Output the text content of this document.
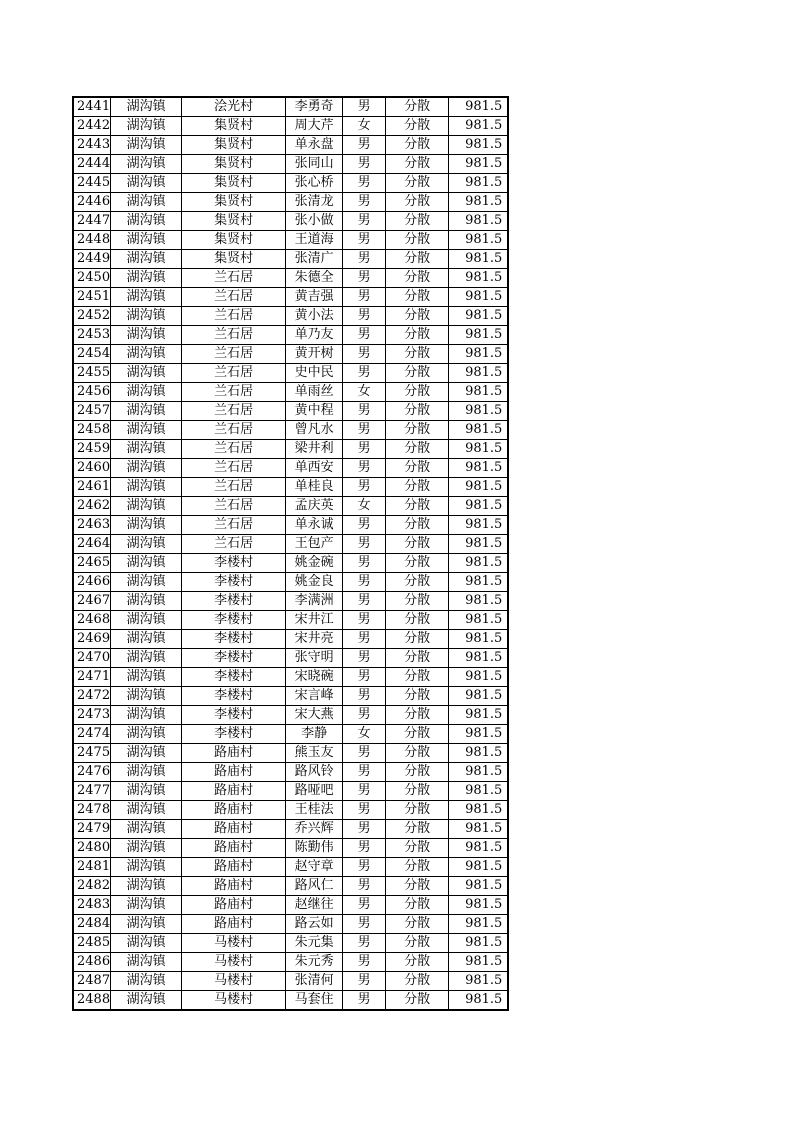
2441	湖沟镇	浍光村	李勇奇	男	分散	981.5
2442	湖沟镇	集贤村	周大芹	女	分散	981.5
2443	湖沟镇	集贤村	单永盘	男	分散	981.5
2444	湖沟镇	集贤村	张同山	男	分散	981.5
2445	湖沟镇	集贤村	张心桥	男	分散	981.5
2446	湖沟镇	集贤村	张清龙	男	分散	981.5
2447	湖沟镇	集贤村	张小做	男	分散	981.5
2448	湖沟镇	集贤村	王道海	男	分散	981.5
2449	湖沟镇	集贤村	张清广	男	分散	981.5
2450	湖沟镇	兰石居	朱德全	男	分散	981.5
2451	湖沟镇	兰石居	黄吉强	男	分散	981.5
2452	湖沟镇	兰石居	黄小法	男	分散	981.5
2453	湖沟镇	兰石居	单乃友	男	分散	981.5
2454	湖沟镇	兰石居	黄开树	男	分散	981.5
2455	湖沟镇	兰石居	史中民	男	分散	981.5
2456	湖沟镇	兰石居	单雨丝	女	分散	981.5
2457	湖沟镇	兰石居	黄中程	男	分散	981.5
2458	湖沟镇	兰石居	曾凡水	男	分散	981.5
2459	湖沟镇	兰石居	梁井利	男	分散	981.5
2460	湖沟镇	兰石居	单西安	男	分散	981.5
2461	湖沟镇	兰石居	单桂良	男	分散	981.5
2462	湖沟镇	兰石居	孟庆英	女	分散	981.5
2463	湖沟镇	兰石居	单永诚	男	分散	981.5
2464	湖沟镇	兰石居	王包产	男	分散	981.5
2465	湖沟镇	李楼村	姚金碗	男	分散	981.5
2466	湖沟镇	李楼村	姚金良	男	分散	981.5
2467	湖沟镇	李楼村	李满洲	男	分散	981.5
2468	湖沟镇	李楼村	宋井江	男	分散	981.5
2469	湖沟镇	李楼村	宋井亮	男	分散	981.5
2470	湖沟镇	李楼村	张守明	男	分散	981.5
2471	湖沟镇	李楼村	宋晓碗	男	分散	981.5
2472	湖沟镇	李楼村	宋言峰	男	分散	981.5
2473	湖沟镇	李楼村	宋大燕	男	分散	981.5
2474	湖沟镇	李楼村	李静	女	分散	981.5
2475	湖沟镇	路庙村	熊玉友	男	分散	981.5
2476	湖沟镇	路庙村	路风铃	男	分散	981.5
2477	湖沟镇	路庙村	路哑吧	男	分散	981.5
2478	湖沟镇	路庙村	王桂法	男	分散	981.5
2479	湖沟镇	路庙村	乔兴辉	男	分散	981.5
2480	湖沟镇	路庙村	陈勤伟	男	分散	981.5
2481	湖沟镇	路庙村	赵守章	男	分散	981.5
2482	湖沟镇	路庙村	路风仁	男	分散	981.5
2483	湖沟镇	路庙村	赵继往	男	分散	981.5
2484	湖沟镇	路庙村	路云如	男	分散	981.5
2485	湖沟镇	马楼村	朱元集	男	分散	981.5
2486	湖沟镇	马楼村	朱元秀	男	分散	981.5
2487	湖沟镇	马楼村	张清何	男	分散	981.5
2488	湖沟镇	马楼村	马套住	男	分散	981.5
